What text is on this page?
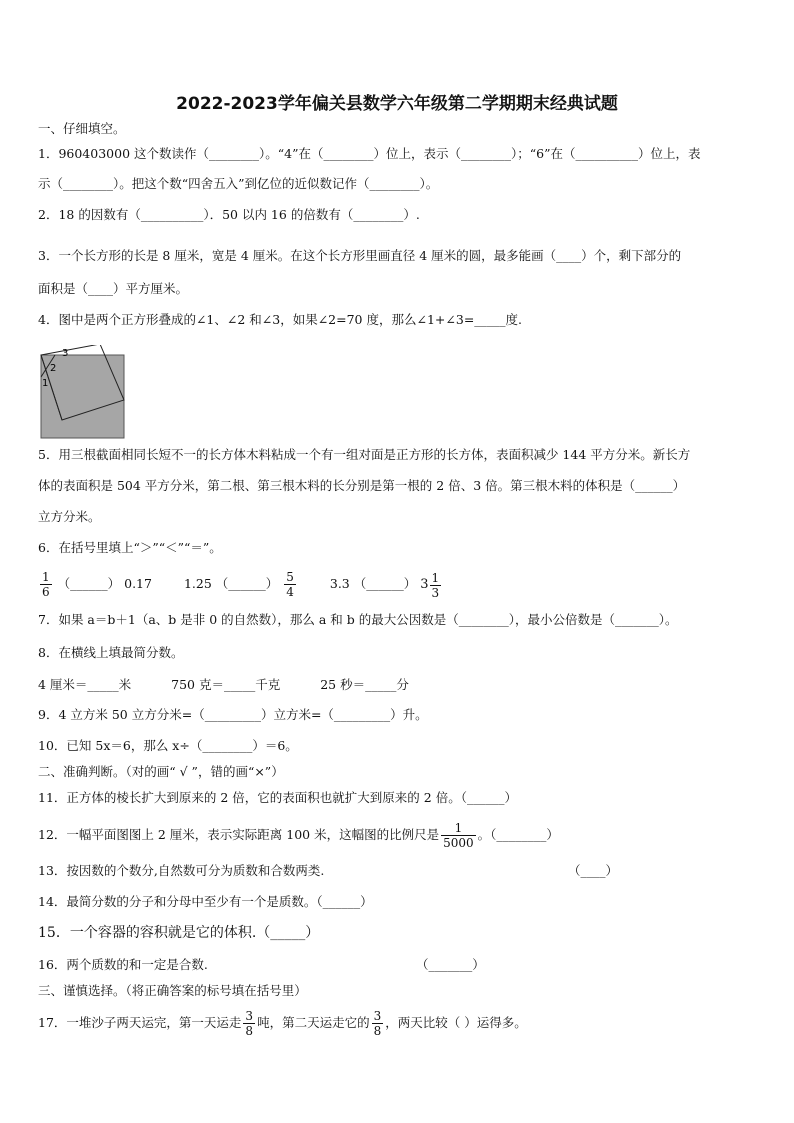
2022-2023学年偏关县数学六年级第二学期期末经典试题
一、仔细填空。
1．960403000 这个数读作（________）。“4”在（________）位上，表示（________）；“6”在（__________）位上，表
示（________）。把这个数“四舍五入”到亿位的近似数记作（________）。
2．18 的因数有（__________）．50 以内 16 的倍数有（________）.
3．一个长方形的长是 8 厘米，宽是 4 厘米。在这个长方形里画直径 4 厘米的圆，最多能画（____）个，剩下部分的
面积是（____）平方厘米。
4．图中是两个正方形叠成的∠1、∠2 和∠3，如果∠2=70 度，那么∠1+∠3=_____度.
3
2
1
5．用三根截面相同长短不一的长方体木料粘成一个有一组对面是正方形的长方体，表面积减少 144 平方分米。新长方
体的表面积是 504 平方分米，第二根、第三根木料的长分别是第一根的 2 倍、3 倍。第三根木料的体积是（______）
立方分米。
6．在括号里填上“＞”“＜”“＝”。
$\frac{1}{6}$ （______） 0.17	1.25 （______） $\frac{5}{4}$	3.3 （______） $3 \frac{1}{3}$
7．如果 a＝b＋1（a、b 是非 0 的自然数），那么 a 和 b 的最大公因数是（________），最小公倍数是（_______）。
8．在横线上填最简分数。
4 厘米＝_____米	750 克＝_____千克	25 秒＝_____分
9．4 立方米 50 立方分米=（_________）立方米=（_________）升。
10．已知 5x＝6，那么 x÷（________）＝6。
二、准确判断。（对的画“ √ ”，错的画“×”）
11．正方体的棱长扩大到原来的 2 倍，它的表面积也就扩大到原来的 2 倍。（______）
12．一幅平面图图上 2 厘米，表示实际距离 100 米，这幅图的比例尺是 $\frac{1}{5000}$ 。（________）
13．按因数的个数分,自然数可分为质数和合数两类.	（____）
14．最简分数的分子和分母中至少有一个是质数。（______）
15．一个容器的容积就是它的体积.（_____）
16．两个质数的和一定是合数.	（_______）
三、谨慎选择。（将正确答案的标号填在括号里）
17．一堆沙子两天运完，第一天运走 $\frac{3}{8}$ 吨，第二天运走它的 $\frac{3}{8}$ ，两天比较（ ）运得多。
